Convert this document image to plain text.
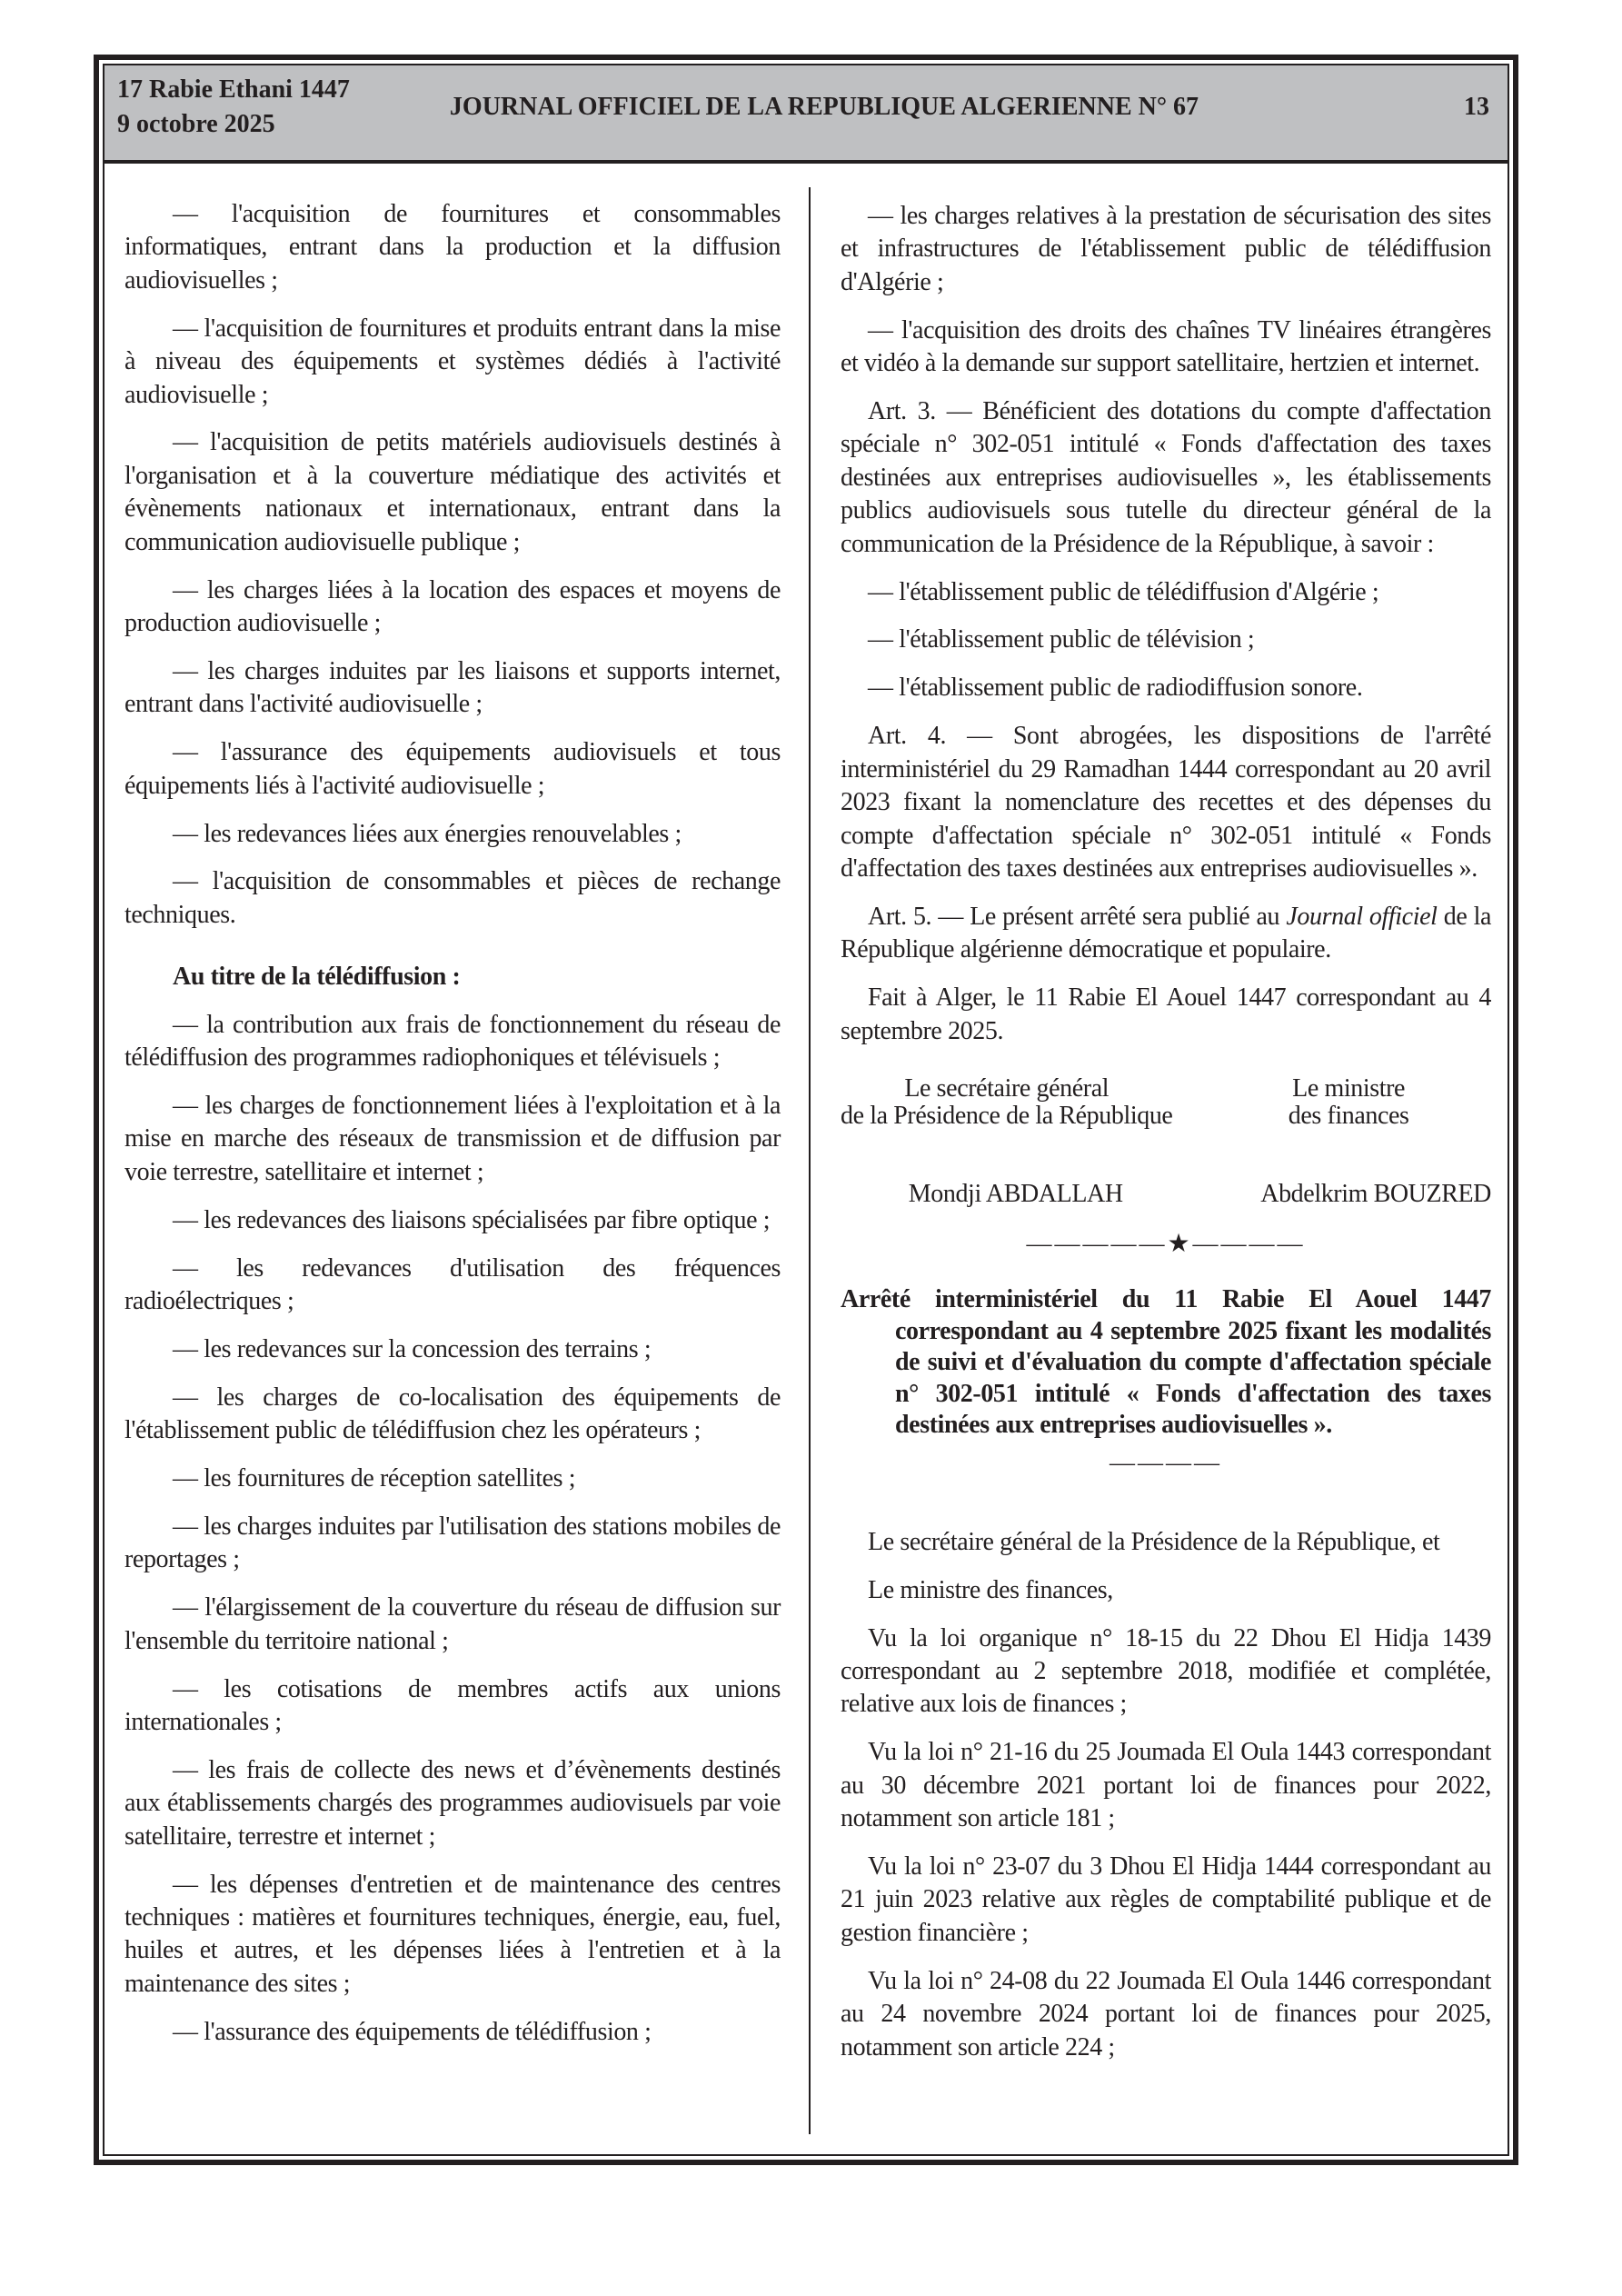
17 Rabie Ethani 1447
9 octobre 2025
JOURNAL OFFICIEL DE LA REPUBLIQUE ALGERIENNE N° 67	13

— l'acquisition de fournitures et consommables informatiques, entrant dans la production et la diffusion audiovisuelles ;

— l'acquisition de fournitures et produits entrant dans la mise à niveau des équipements et systèmes dédiés à l'activité audiovisuelle ;

— l'acquisition de petits matériels audiovisuels destinés à l'organisation et à la couverture médiatique des activités et évènements nationaux et internationaux, entrant dans la communication audiovisuelle publique ;

— les charges liées à la location des espaces et moyens de production audiovisuelle ;

— les charges induites par les liaisons et supports internet, entrant dans l'activité audiovisuelle ;

— l'assurance des équipements audiovisuels et tous équipements liés à l'activité audiovisuelle ;

— les redevances liées aux énergies renouvelables ;

— l'acquisition de consommables et pièces de rechange techniques.

Au titre de la télédiffusion :

— la contribution aux frais de fonctionnement du réseau de télédiffusion des programmes radiophoniques et télévisuels ;

— les charges de fonctionnement liées à l'exploitation et à la mise en marche des réseaux de transmission et de diffusion par voie terrestre, satellitaire et internet ;

— les redevances des liaisons spécialisées par fibre optique ;

— les redevances d'utilisation des fréquences radioélectriques ;

— les redevances sur la concession des terrains ;

— les charges de co-localisation des équipements de l'établissement public de télédiffusion chez les opérateurs ;

— les fournitures de réception satellites ;

— les charges induites par l'utilisation des stations mobiles de reportages ;

— l'élargissement de la couverture du réseau de diffusion sur l'ensemble du territoire national ;

— les cotisations de membres actifs aux unions internationales ;

— les frais de collecte des news et d’évènements destinés aux établissements chargés des programmes audiovisuels par voie satellitaire, terrestre et internet ;

— les dépenses d'entretien et de maintenance des centres techniques : matières et fournitures techniques, énergie, eau, fuel, huiles et autres, et les dépenses liées à l'entretien et à la maintenance des sites ;

— l'assurance des équipements de télédiffusion ;

— les charges relatives à la prestation de sécurisation des sites et infrastructures de l'établissement public de télédiffusion d'Algérie ;

— l'acquisition des droits des chaînes TV linéaires étrangères et vidéo à la demande sur support satellitaire, hertzien et internet.

Art. 3. — Bénéficient des dotations du compte d'affectation spéciale n° 302-051 intitulé « Fonds d'affectation des taxes destinées aux entreprises audiovisuelles », les établissements publics audiovisuels sous tutelle du directeur général de la communication de la Présidence de la République, à savoir :

— l'établissement public de télédiffusion d'Algérie ;

— l'établissement public de télévision ;

— l'établissement public de radiodiffusion sonore.

Art. 4. — Sont abrogées, les dispositions de l'arrêté interministériel du 29 Ramadhan 1444 correspondant au 20 avril 2023 fixant la nomenclature des recettes et des dépenses du compte d'affectation spéciale n° 302-051 intitulé « Fonds d'affectation des taxes destinées aux entreprises audiovisuelles ».

Art. 5. — Le présent arrêté sera publié au Journal officiel de la République algérienne démocratique et populaire.

Fait à Alger, le 11 Rabie El Aouel 1447 correspondant au 4 septembre 2025.

Le secrétaire général
de la Présidence de la République
Mondji ABDALLAH
Le ministre
des finances
Abdelkrim BOUZRED
—————★————

Arrêté interministériel du 11 Rabie El Aouel 1447 correspondant au 4 septembre 2025 fixant les modalités de suivi et d'évaluation du compte d'affectation spéciale n° 302-051 intitulé « Fonds d'affectation des taxes destinées aux entreprises audiovisuelles ».

————

Le secrétaire général de la Présidence de la République, et

Le ministre des finances,

Vu la loi organique n° 18-15 du 22 Dhou El Hidja 1439 correspondant au 2 septembre 2018, modifiée et complétée, relative aux lois de finances ;

Vu la loi n° 21-16 du 25 Joumada El Oula 1443 correspondant au 30 décembre 2021 portant loi de finances pour 2022, notamment son article 181 ;

Vu la loi n° 23-07 du 3 Dhou El Hidja 1444 correspondant au 21 juin 2023 relative aux règles de comptabilité publique et de gestion financière ;

Vu la loi n° 24-08 du 22 Joumada El Oula 1446 correspondant au 24 novembre 2024 portant loi de finances pour 2025, notamment son article 224 ;
